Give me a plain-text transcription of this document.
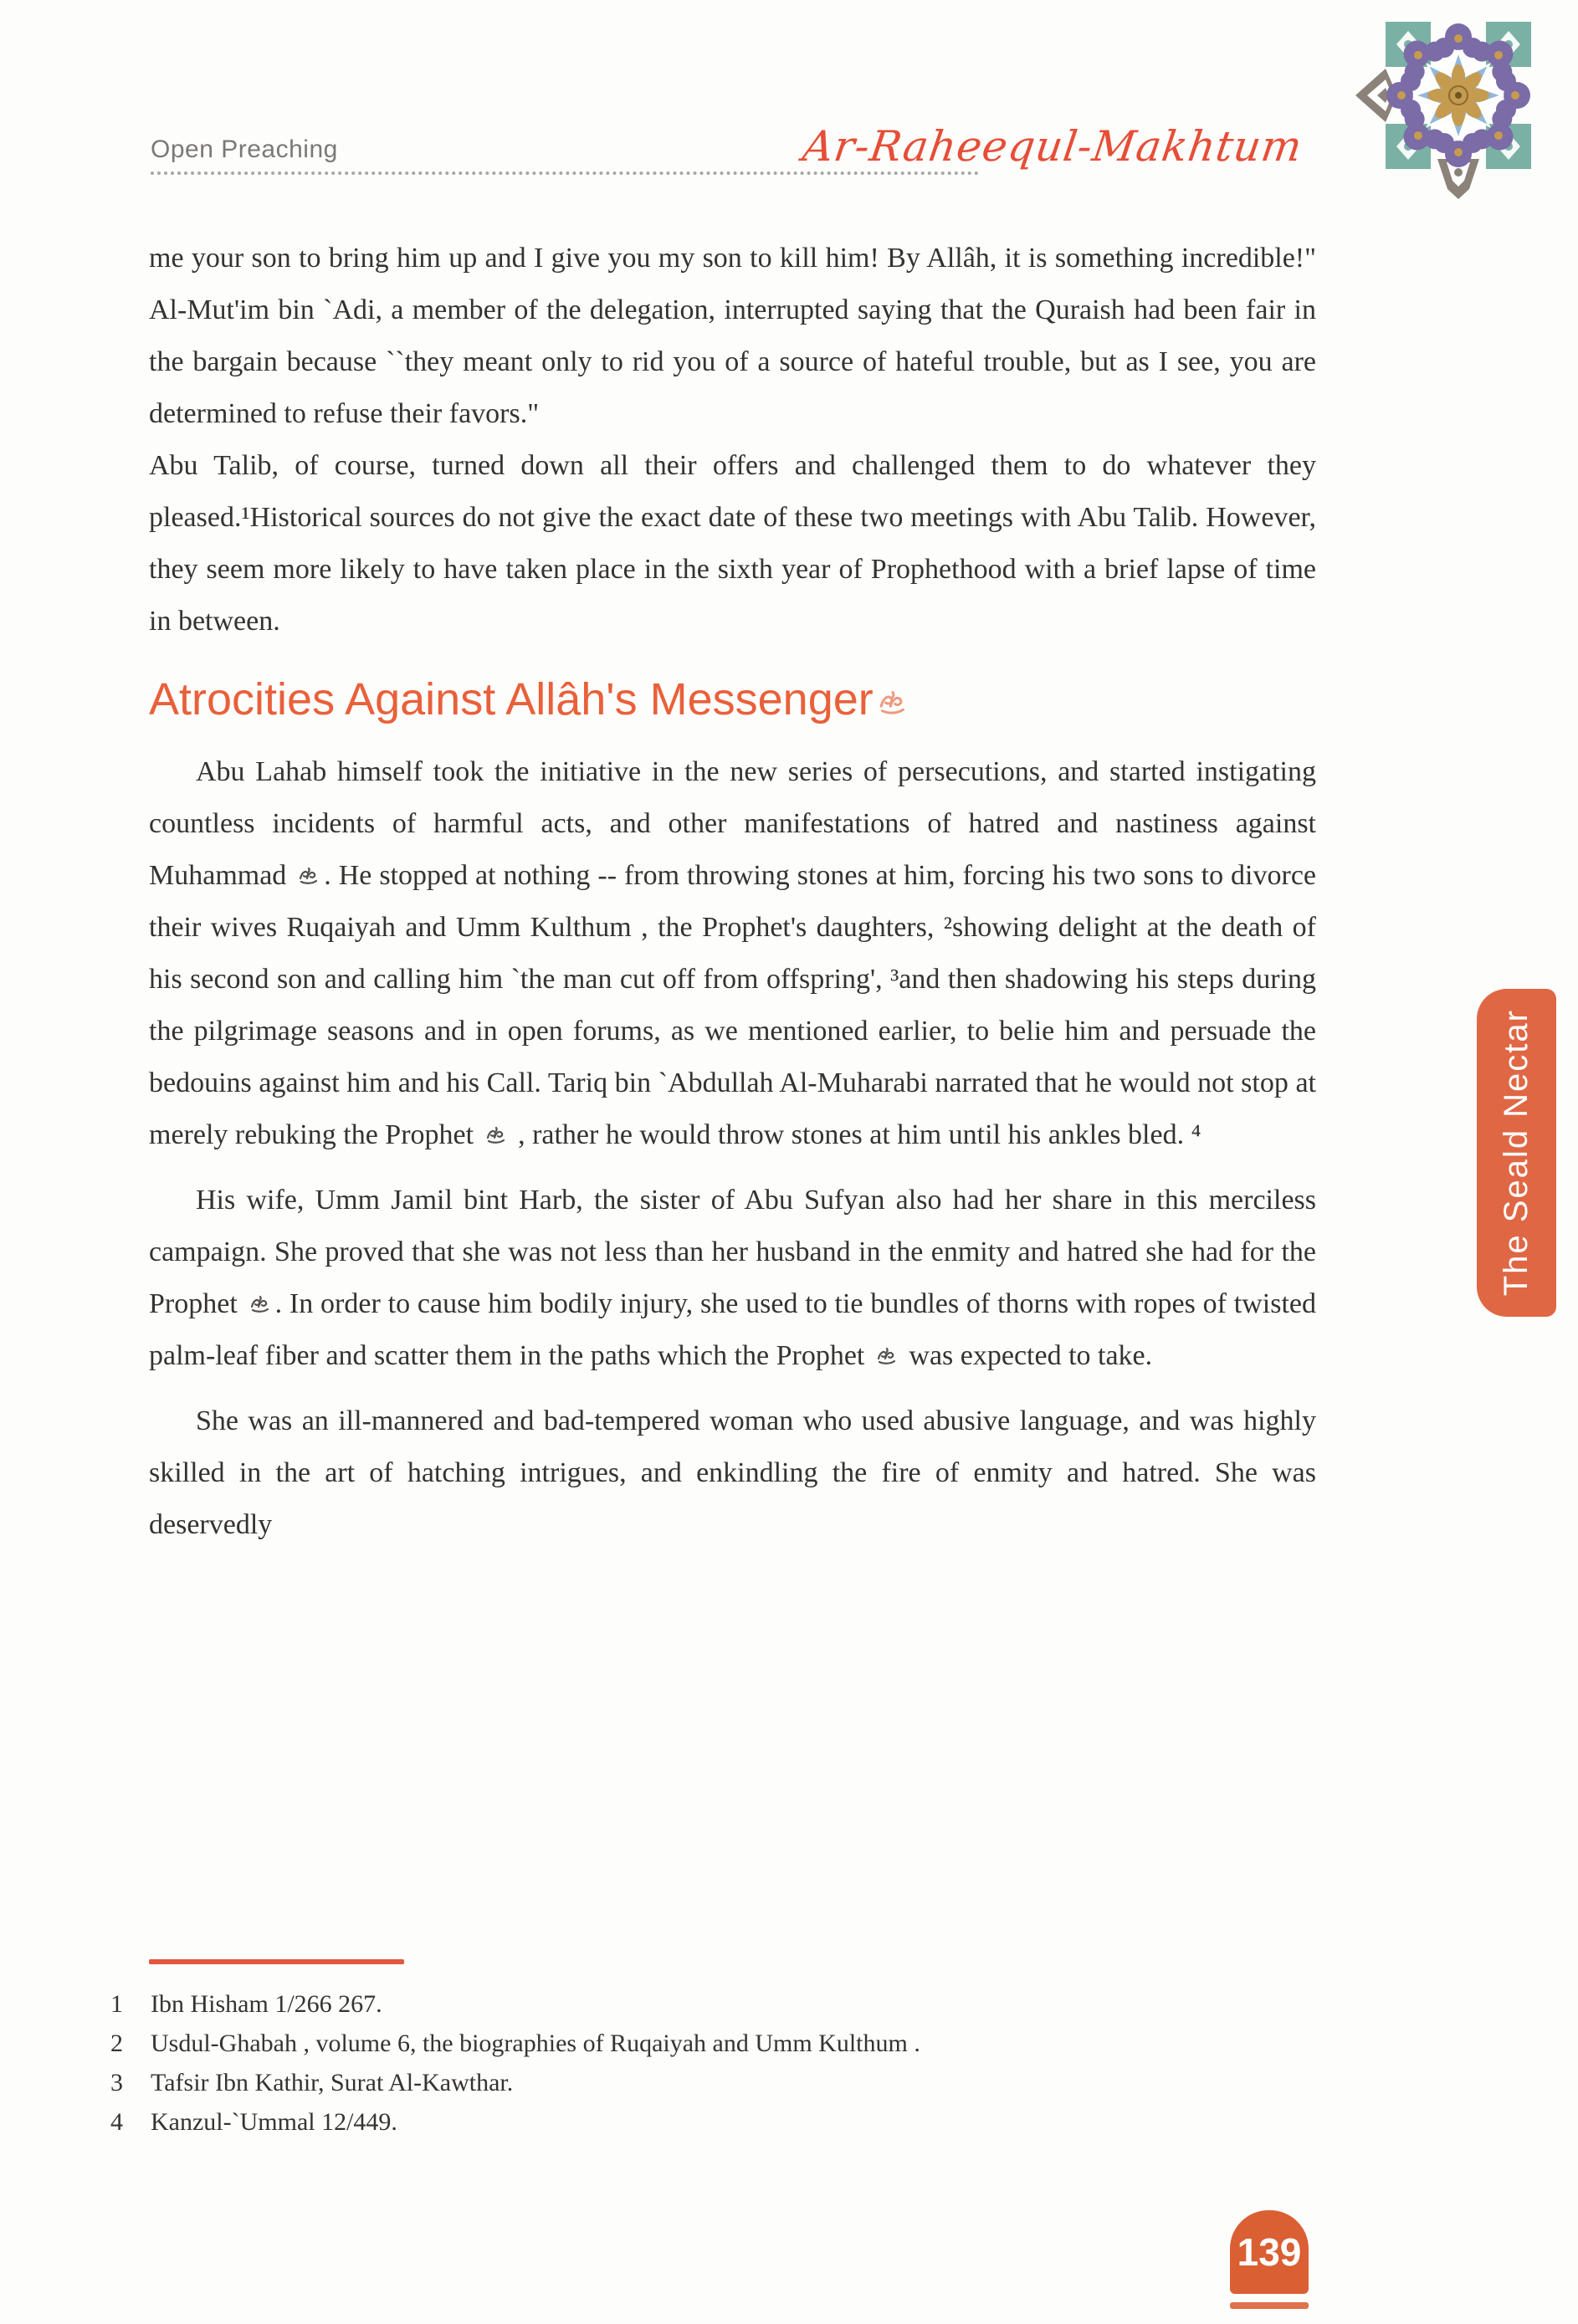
Open Preaching	Ar-Raheequl-Makhtum

me your son to bring him up and I give you my son to kill him! By Allâh, it is something incredible!" Al-Mut'im bin `Adi, a member of the delegation, interrupted saying that the Quraish had been fair in the bargain because ``they meant only to rid you of a source of hateful trouble, but as I see, you are determined to refuse their favors."

Abu Talib, of course, turned down all their offers and challenged them to do whatever they pleased.¹Historical sources do not give the exact date of these two meetings with Abu Talib. However, they seem more likely to have taken place in the sixth year of Prophethood with a brief lapse of time in between.

Atrocities Against Allâh's Messenger

Abu Lahab himself took the initiative in the new series of persecutions, and started instigating countless incidents of harmful acts, and other manifestations of hatred and nastiness against Muhammad
. He stopped at nothing -- from throwing stones at him, forcing his two sons to divorce their wives Ruqaiyah and Umm Kulthum , the Prophet's daughters, ²showing delight at the death of his second son and calling him `the man cut off from offspring', ³and then shadowing his steps during the pilgrimage seasons and in open forums, as we mentioned earlier, to belie him and persuade the bedouins against him and his Call. Tariq bin `Abdullah Al-Muharabi narrated that he would not stop at merely rebuking the Prophet
, rather he would throw stones at him until his ankles bled. ⁴

His wife, Umm Jamil bint Harb, the sister of Abu Sufyan also had her share in this merciless campaign. She proved that she was not less than her husband in the enmity and hatred she had for the Prophet
. In order to cause him bodily injury, she used to tie bundles of thorns with ropes of twisted palm-leaf fiber and scatter them in the paths which the Prophet
was expected to take.

She was an ill-mannered and bad-tempered woman who used abusive language, and was highly skilled in the art of hatching intrigues, and enkindling the fire of enmity and hatred. She was deservedly

1	Ibn Hisham 1/266 267.
2	Usdul-Ghabah , volume 6, the biographies of Ruqaiyah and Umm Kulthum .
3	Tafsir Ibn Kathir, Surat Al-Kawthar.
4	Kanzul-`Ummal 12/449.
The Seald Nectar
139
